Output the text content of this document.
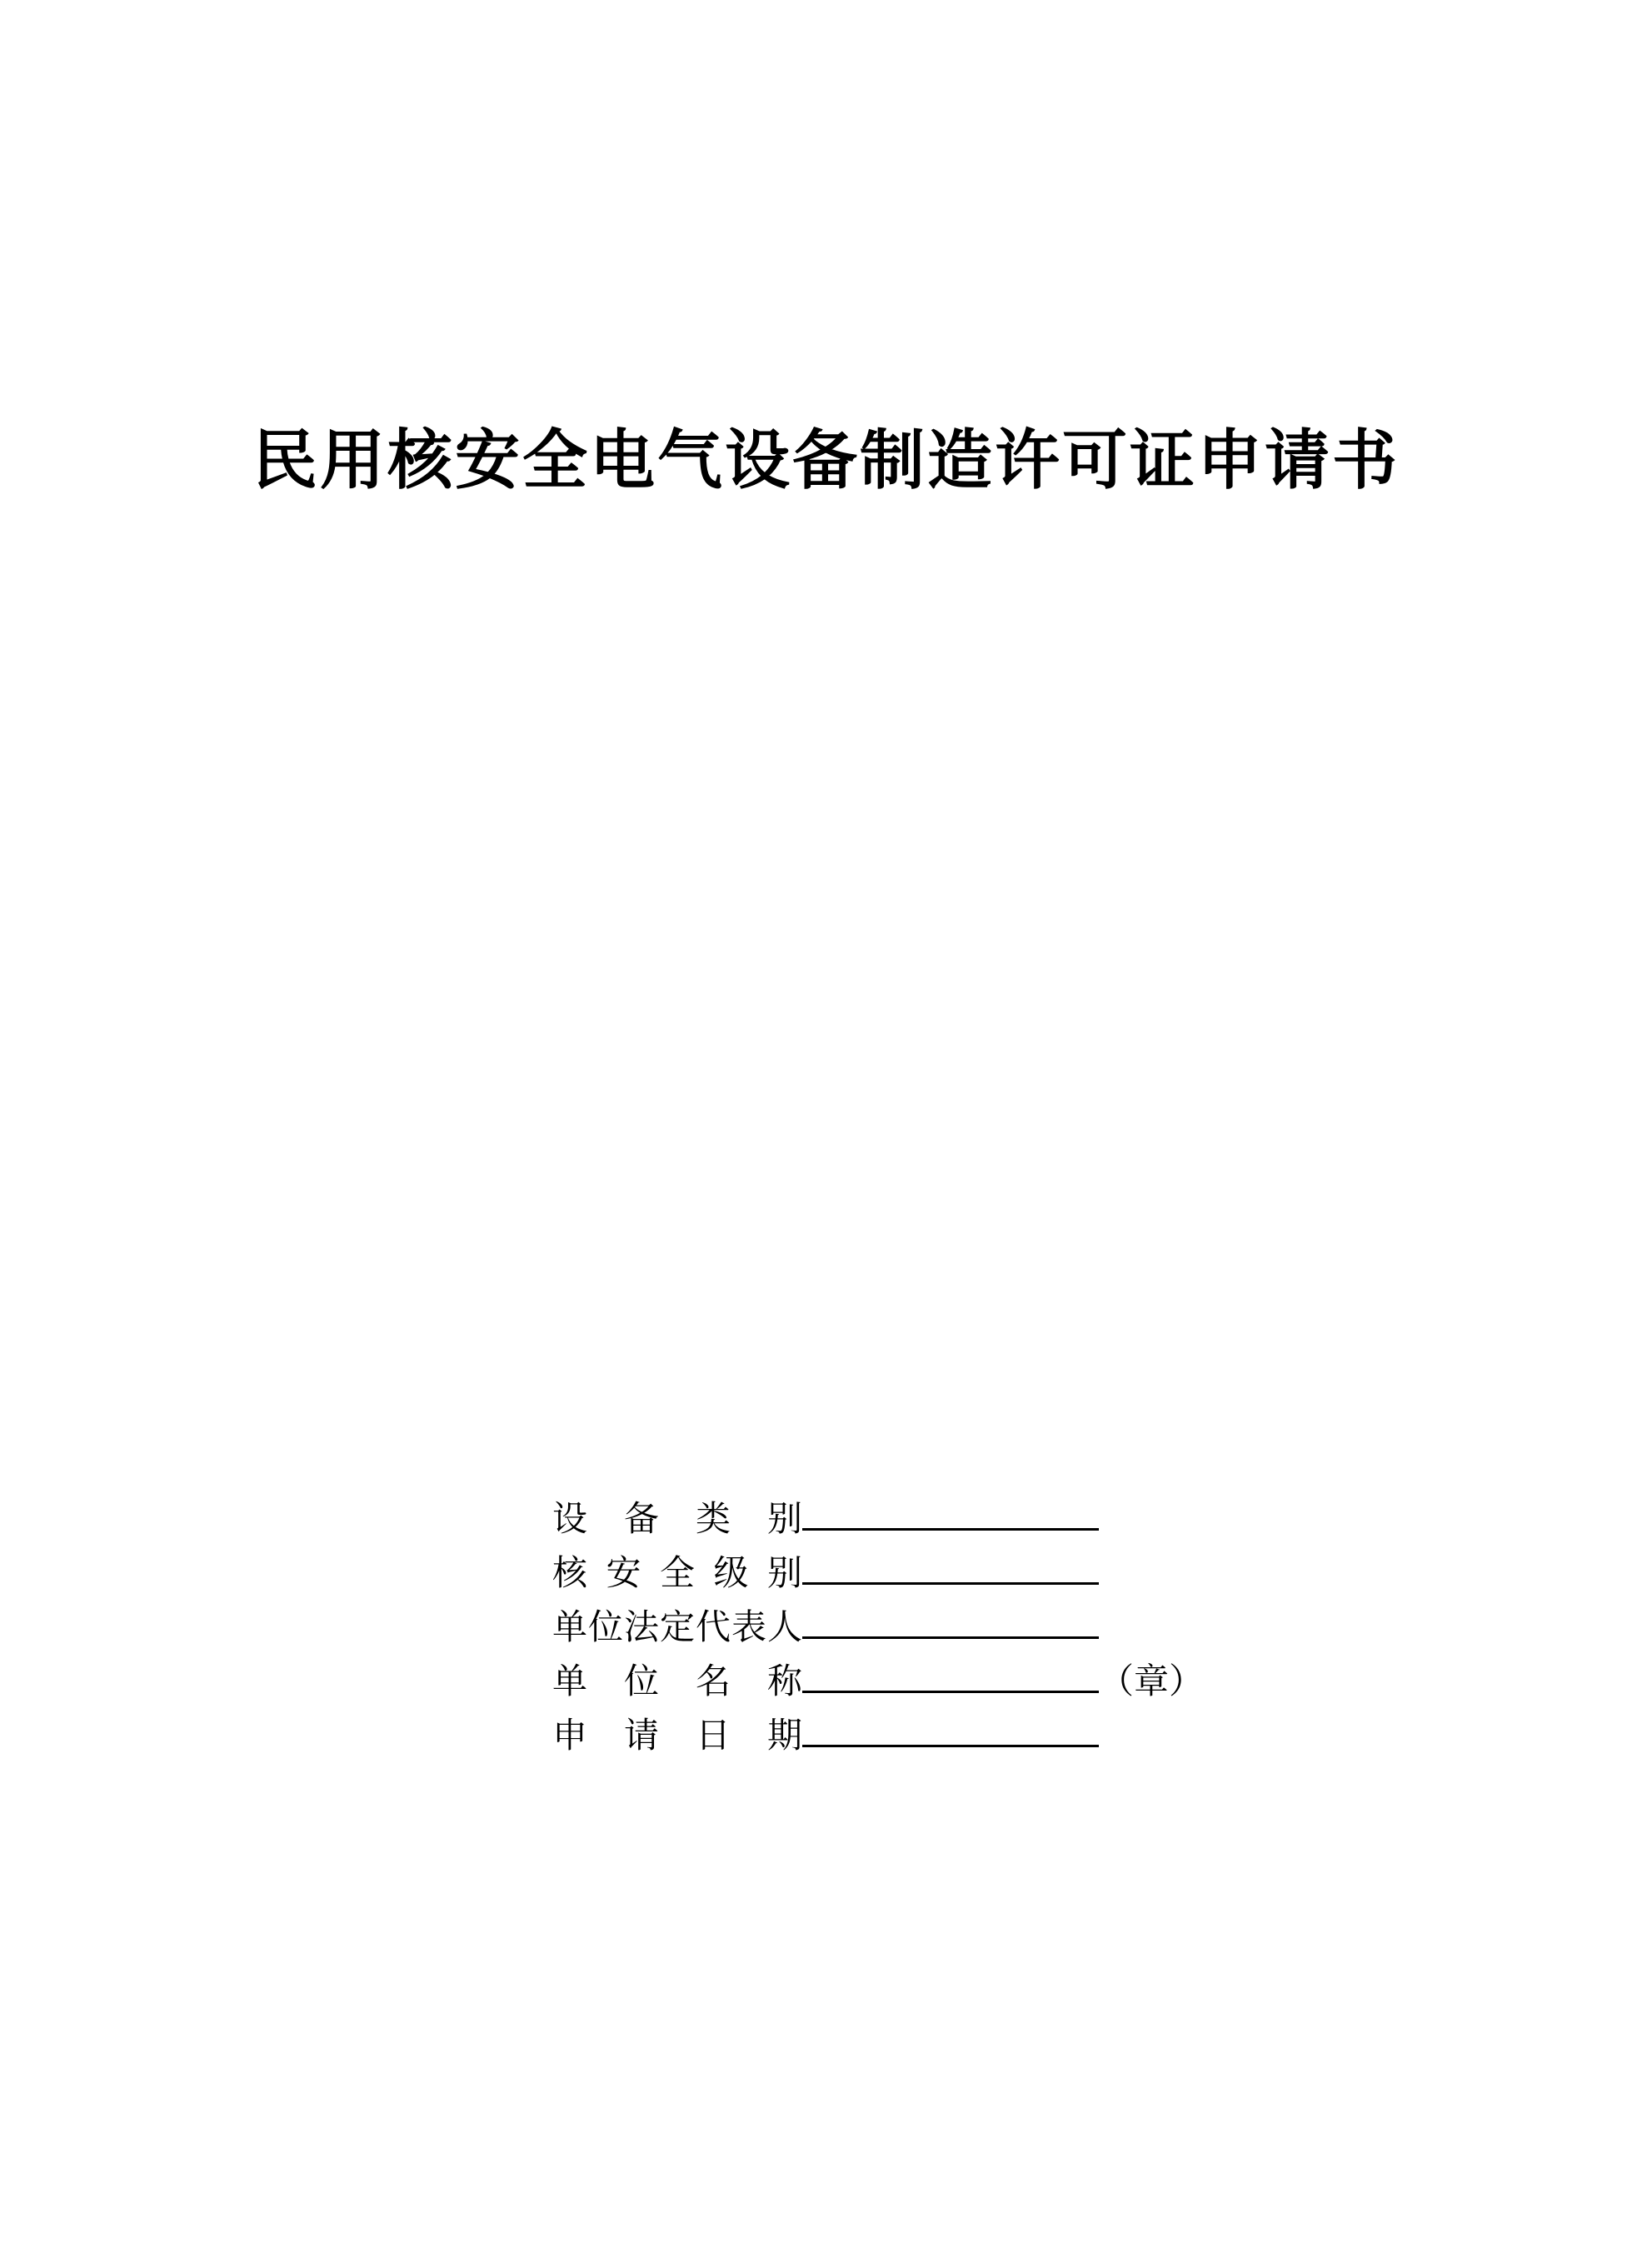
民用核安全电气设备制造许可证申请书
设备类别
核安全级别
单位法定代表人
单位名称	（章）
申请日期
